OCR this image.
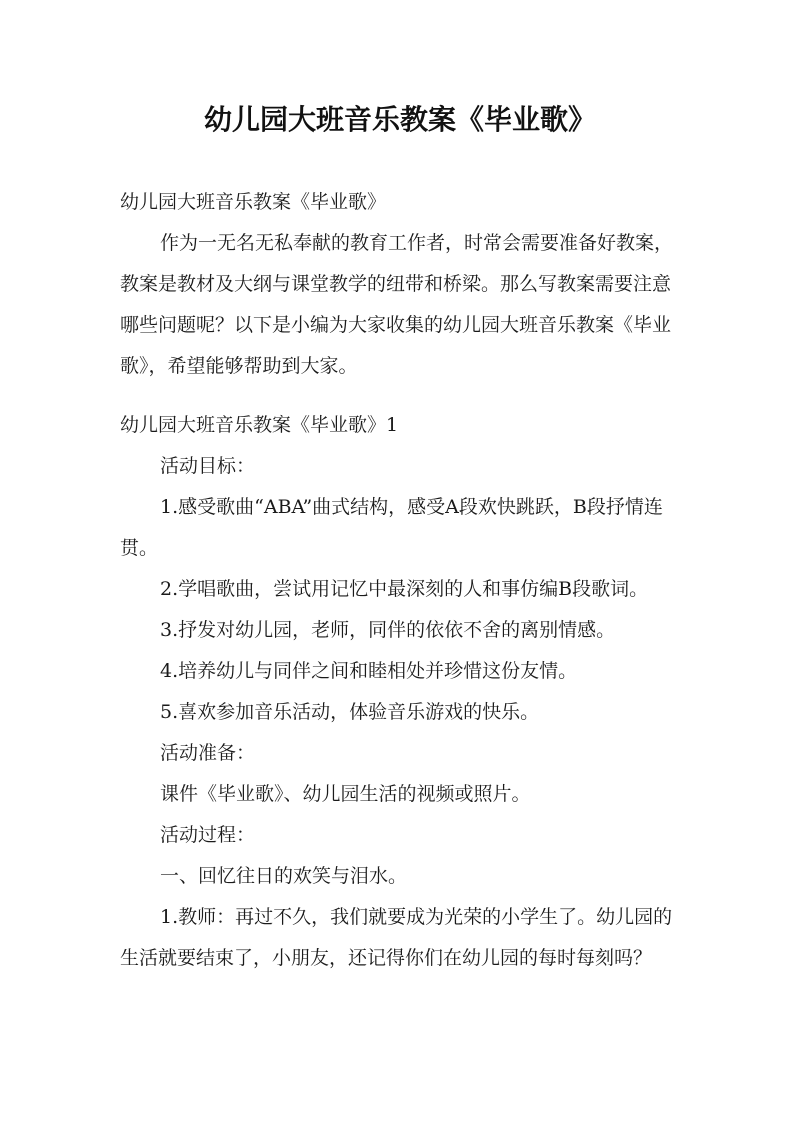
幼儿园大班音乐教案《毕业歌》

幼儿园大班音乐教案《毕业歌》

作为一无名无私奉献的教育工作者，时常会需要准备好教案，教案是教材及大纲与课堂教学的纽带和桥梁。那么写教案需要注意哪些问题呢？以下是小编为大家收集的幼儿园大班音乐教案《毕业歌》，希望能够帮助到大家。

幼儿园大班音乐教案《毕业歌》1

活动目标：

1.感受歌曲“ABA”曲式结构，感受A段欢快跳跃，B段抒情连贯。

2.学唱歌曲，尝试用记忆中最深刻的人和事仿编B段歌词。

3.抒发对幼儿园，老师，同伴的依依不舍的离别情感。

4.培养幼儿与同伴之间和睦相处并珍惜这份友情。

5.喜欢参加音乐活动，体验音乐游戏的快乐。

活动准备：

课件《毕业歌》、幼儿园生活的视频或照片。

活动过程：

一、回忆往日的欢笑与泪水。

1.教师：再过不久，我们就要成为光荣的小学生了。幼儿园的生活就要结束了，小朋友，还记得你们在幼儿园的每时每刻吗？
